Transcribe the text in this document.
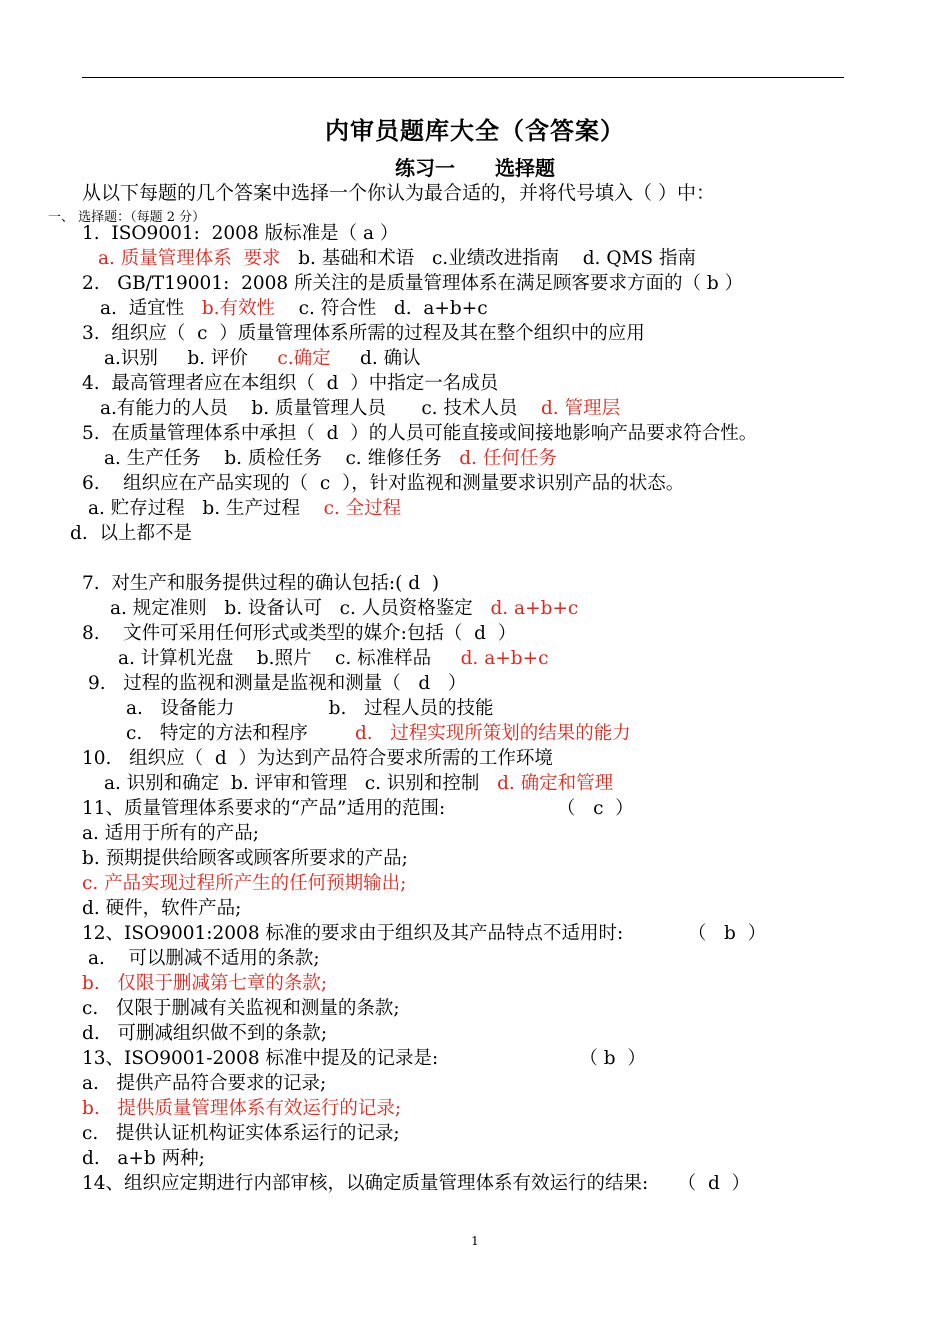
内审员题库大全（含答案）
练习一 选择题
从以下每题的几个答案中选择一个你认为最合适的，并将代号填入（ ）中：
一、 选择题：（每题 2 分）
1.  ISO9001:  2008 版标准是（ a ）
a. 质量管理体系  要求   b. 基础和术语   c.业绩改进指南    d. QMS 指南
2.   GB/T19001:  2008 所关注的是质量管理体系在满足顾客要求方面的（ b ）
a.  适宜性   b.有效性    c. 符合性   d.  a+b+c
3.  组织应（  c  ）质量管理体系所需的过程及其在整个组织中的应用
a.识别     b. 评价     c.确定     d. 确认
4.  最高管理者应在本组织（  d  ）中指定一名成员
a.有能力的人员    b. 质量管理人员      c. 技术人员    d. 管理层
5.  在质量管理体系中承担（  d  ）的人员可能直接或间接地影响产品要求符合性。
a. 生产任务    b. 质检任务    c. 维修任务   d. 任何任务
6.    组织应在产品实现的（  c  ），针对监视和测量要求识别产品的状态。
a. 贮存过程   b. 生产过程    c. 全过程
d.  以上都不是
7.  对生产和服务提供过程的确认包括:( d  )
a. 规定准则   b. 设备认可   c. 人员资格鉴定   d. a+b+c
8.    文件可采用任何形式或类型的媒介:包括（  d  ）
a. 计算机光盘    b.照片    c. 标准样品     d. a+b+c
9.   过程的监视和测量是监视和测量（   d   ）
a.   设备能力                b.   过程人员的技能
c.   特定的方法和程序        d.   过程实现所策划的结果的能力
10.   组织应（  d  ）为达到产品符合要求所需的工作环境
a. 识别和确定  b. 评审和管理   c. 识别和控制   d. 确定和管理
11、质量管理体系要求的“产品”适用的范围:                   （   c  ）
a. 适用于所有的产品;
b. 预期提供给顾客或顾客所要求的产品;
c. 产品实现过程所产生的任何预期输出;
d. 硬件，软件产品;
12、ISO9001:2008 标准的要求由于组织及其产品特点不适用时:           （   b  ）
a.    可以删减不适用的条款;
b.   仅限于删减第七章的条款;
c.   仅限于删减有关监视和测量的条款;
d.   可删减组织做不到的条款;
13、ISO9001-2008 标准中提及的记录是:                        （ b  ）
a.   提供产品符合要求的记录;
b.   提供质量管理体系有效运行的记录;
c.   提供认证机构证实体系运行的记录;
d.   a+b 两种;
14、组织应定期进行内部审核，以确定质量管理体系有效运行的结果:     （  d  ）
1
